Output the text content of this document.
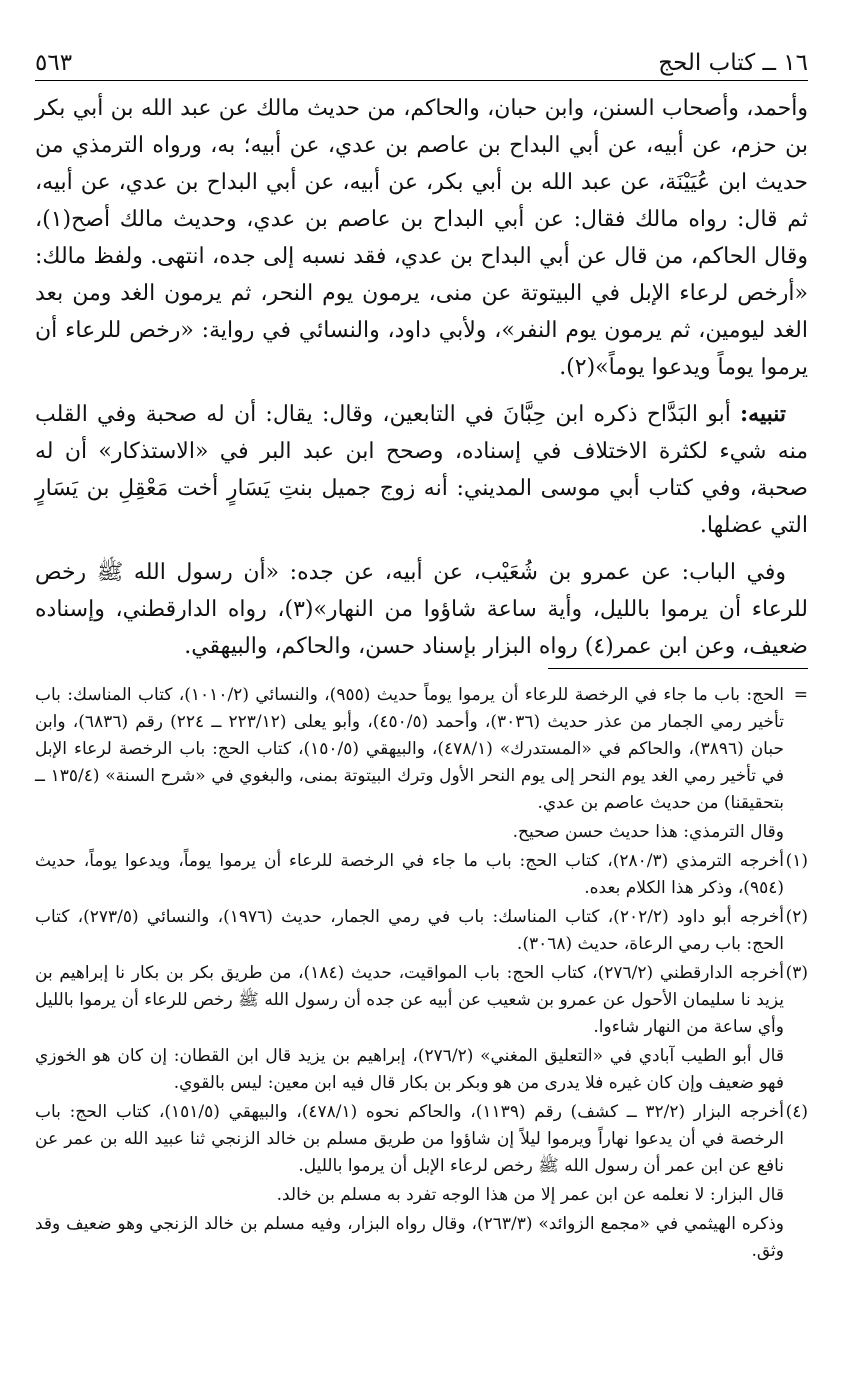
١٦ ــ كتاب الحج
٥٦٣

وأحمد، وأصحاب السنن، وابن حبان، والحاكم، من حديث مالك عن عبد الله بن أبي بكر بن حزم، عن أبيه، عن أبي البداح بن عاصم بن عدي، عن أبيه؛ به، ورواه الترمذي من حديث ابن عُيَيْنَة، عن عبد الله بن أبي بكر، عن أبيه، عن أبي البداح بن عدي، عن أبيه، ثم قال: رواه مالك فقال: عن أبي البداح بن عاصم بن عدي، وحديث مالك أصح(١)، وقال الحاكم، من قال عن أبي البداح بن عدي، فقد نسبه إلى جده، انتهى. ولفظ مالك: «أرخص لرعاء الإبل في البيتوتة عن منى، يرمون يوم النحر، ثم يرمون الغد ومن بعد الغد ليومين، ثم يرمون يوم النفر»، ولأبي داود، والنسائي في رواية: «رخص للرعاء أن يرموا يوماً ويدعوا يوماً»(٢).

تنبيه: أبو البَدَّاح ذكره ابن حِبَّانَ في التابعين، وقال: يقال: أن له صحبة وفي القلب منه شيء لكثرة الاختلاف في إسناده، وصحح ابن عبد البر في «الاستذكار» أن له صحبة، وفي كتاب أبي موسى المديني: أنه زوج جميل بنتِ يَسَارٍ أخت مَعْقِلِ بن يَسَارٍ التي عضلها.

وفي الباب: عن عمرو بن شُعَيْب، عن أبيه، عن جده: «أن رسول الله ﷺ رخص للرعاء أن يرموا بالليل، وأية ساعة شاؤوا من النهار»(٣)، رواه الدارقطني، وإسناده ضعيف، وعن ابن عمر(٤) رواه البزار بإسناد حسن، والحاكم، والبيهقي.

=

الحج: باب ما جاء في الرخصة للرعاء أن يرموا يوماً حديث (٩٥٥)، والنسائي (١٠١٠/٢)، كتاب المناسك: باب تأخير رمي الجمار من عذر حديث (٣٠٣٦)، وأحمد (٤٥٠/٥)، وأبو يعلى (٢٢٣/١٢ ــ ٢٢٤) رقم (٦٨٣٦)، وابن حبان (٣٨٩٦)، والحاكم في «المستدرك» (٤٧٨/١)، والبيهقي (١٥٠/٥)، كتاب الحج: باب الرخصة لرعاء الإبل في تأخير رمي الغد يوم النحر إلى يوم النحر الأول وترك البيتوتة بمنى، والبغوي في «شرح السنة» (١٣٥/٤ ــ بتحقيقنا) من حديث عاصم بن عدي.

وقال الترمذي: هذا حديث حسن صحيح.

(١)

أخرجه الترمذي (٢٨٠/٣)، كتاب الحج: باب ما جاء في الرخصة للرعاء أن يرموا يوماً، ويدعوا يوماً، حديث (٩٥٤)، وذكر هذا الكلام بعده.

(٢)

أخرجه أبو داود (٢٠٢/٢)، كتاب المناسك: باب في رمي الجمار، حديث (١٩٧٦)، والنسائي (٢٧٣/٥)، كتاب الحج: باب رمي الرعاة، حديث (٣٠٦٨).

(٣)

أخرجه الدارقطني (٢٧٦/٢)، كتاب الحج: باب المواقيت، حديث (١٨٤)، من طريق بكر بن بكار نا إبراهيم بن يزيد نا سليمان الأحول عن عمرو بن شعيب عن أبيه عن جده أن رسول الله ﷺ رخص للرعاء أن يرموا بالليل وأي ساعة من النهار شاءوا.

قال أبو الطيب آبادي في «التعليق المغني» (٢٧٦/٢)، إبراهيم بن يزيد قال ابن القطان: إن كان هو الخوزي فهو ضعيف وإن كان غيره فلا يدرى من هو وبكر بن بكار قال فيه ابن معين: ليس بالقوي.

(٤)

أخرجه البزار (٣٢/٢ ــ كشف) رقم (١١٣٩)، والحاكم نحوه (٤٧٨/١)، والبيهقي (١٥١/٥)، كتاب الحج: باب الرخصة في أن يدعوا نهاراً ويرموا ليلاً إن شاؤوا من طريق مسلم بن خالد الزنجي ثنا عبيد الله بن عمر عن نافع عن ابن عمر أن رسول الله ﷺ رخص لرعاء الإبل أن يرموا بالليل.

قال البزار: لا نعلمه عن ابن عمر إلا من هذا الوجه تفرد به مسلم بن خالد.

وذكره الهيثمي في «مجمع الزوائد» (٢٦٣/٣)، وقال رواه البزار، وفيه مسلم بن خالد الزنجي وهو ضعيف وقد وثق.
